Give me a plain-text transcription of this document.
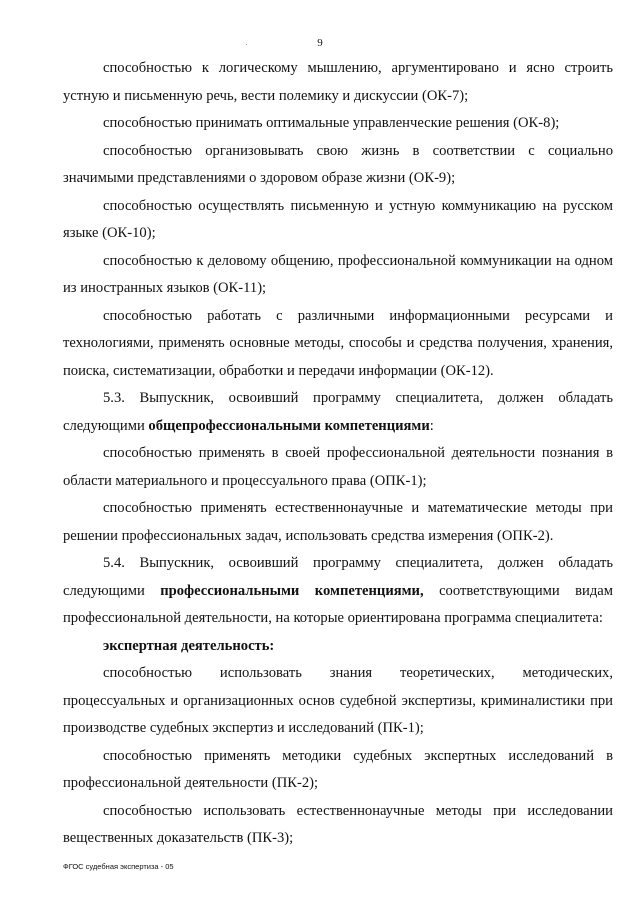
9

способностью к логическому мышлению, аргументировано и ясно строить устную и письменную речь, вести полемику и дискуссии (ОК-7);

способностью принимать оптимальные управленческие решения (ОК-8);

способностью организовывать свою жизнь в соответствии с социально значимыми представлениями о здоровом образе жизни (ОК-9);

способностью осуществлять письменную и устную коммуникацию на русском языке (ОК-10);

способностью к деловому общению, профессиональной коммуникации на одном из иностранных языков (ОК-11);

способностью работать с различными информационными ресурсами и технологиями, применять основные методы, способы и средства получения, хранения, поиска, систематизации, обработки и передачи информации (ОК-12).

5.3. Выпускник, освоивший программу специалитета, должен обладать следующими общепрофессиональными компетенциями:

способностью применять в своей профессиональной деятельности познания в области материального и процессуального права (ОПК-1);

способностью применять естественнонаучные и математические методы при решении профессиональных задач, использовать средства измерения (ОПК-2).

5.4. Выпускник, освоивший программу специалитета, должен обладать следующими профессиональными компетенциями, соответствующими видам профессиональной деятельности, на которые ориентирована программа специалитета:

экспертная деятельность:

способностью использовать знания теоретических, методических, процессуальных и организационных основ судебной экспертизы, криминалистики при производстве судебных экспертиз и исследований (ПК-1);

способностью применять методики судебных экспертных исследований в профессиональной деятельности (ПК-2);

способностью использовать естественнонаучные методы при исследовании вещественных доказательств (ПК-3);

ФГОС судебная экспертиза - 05
